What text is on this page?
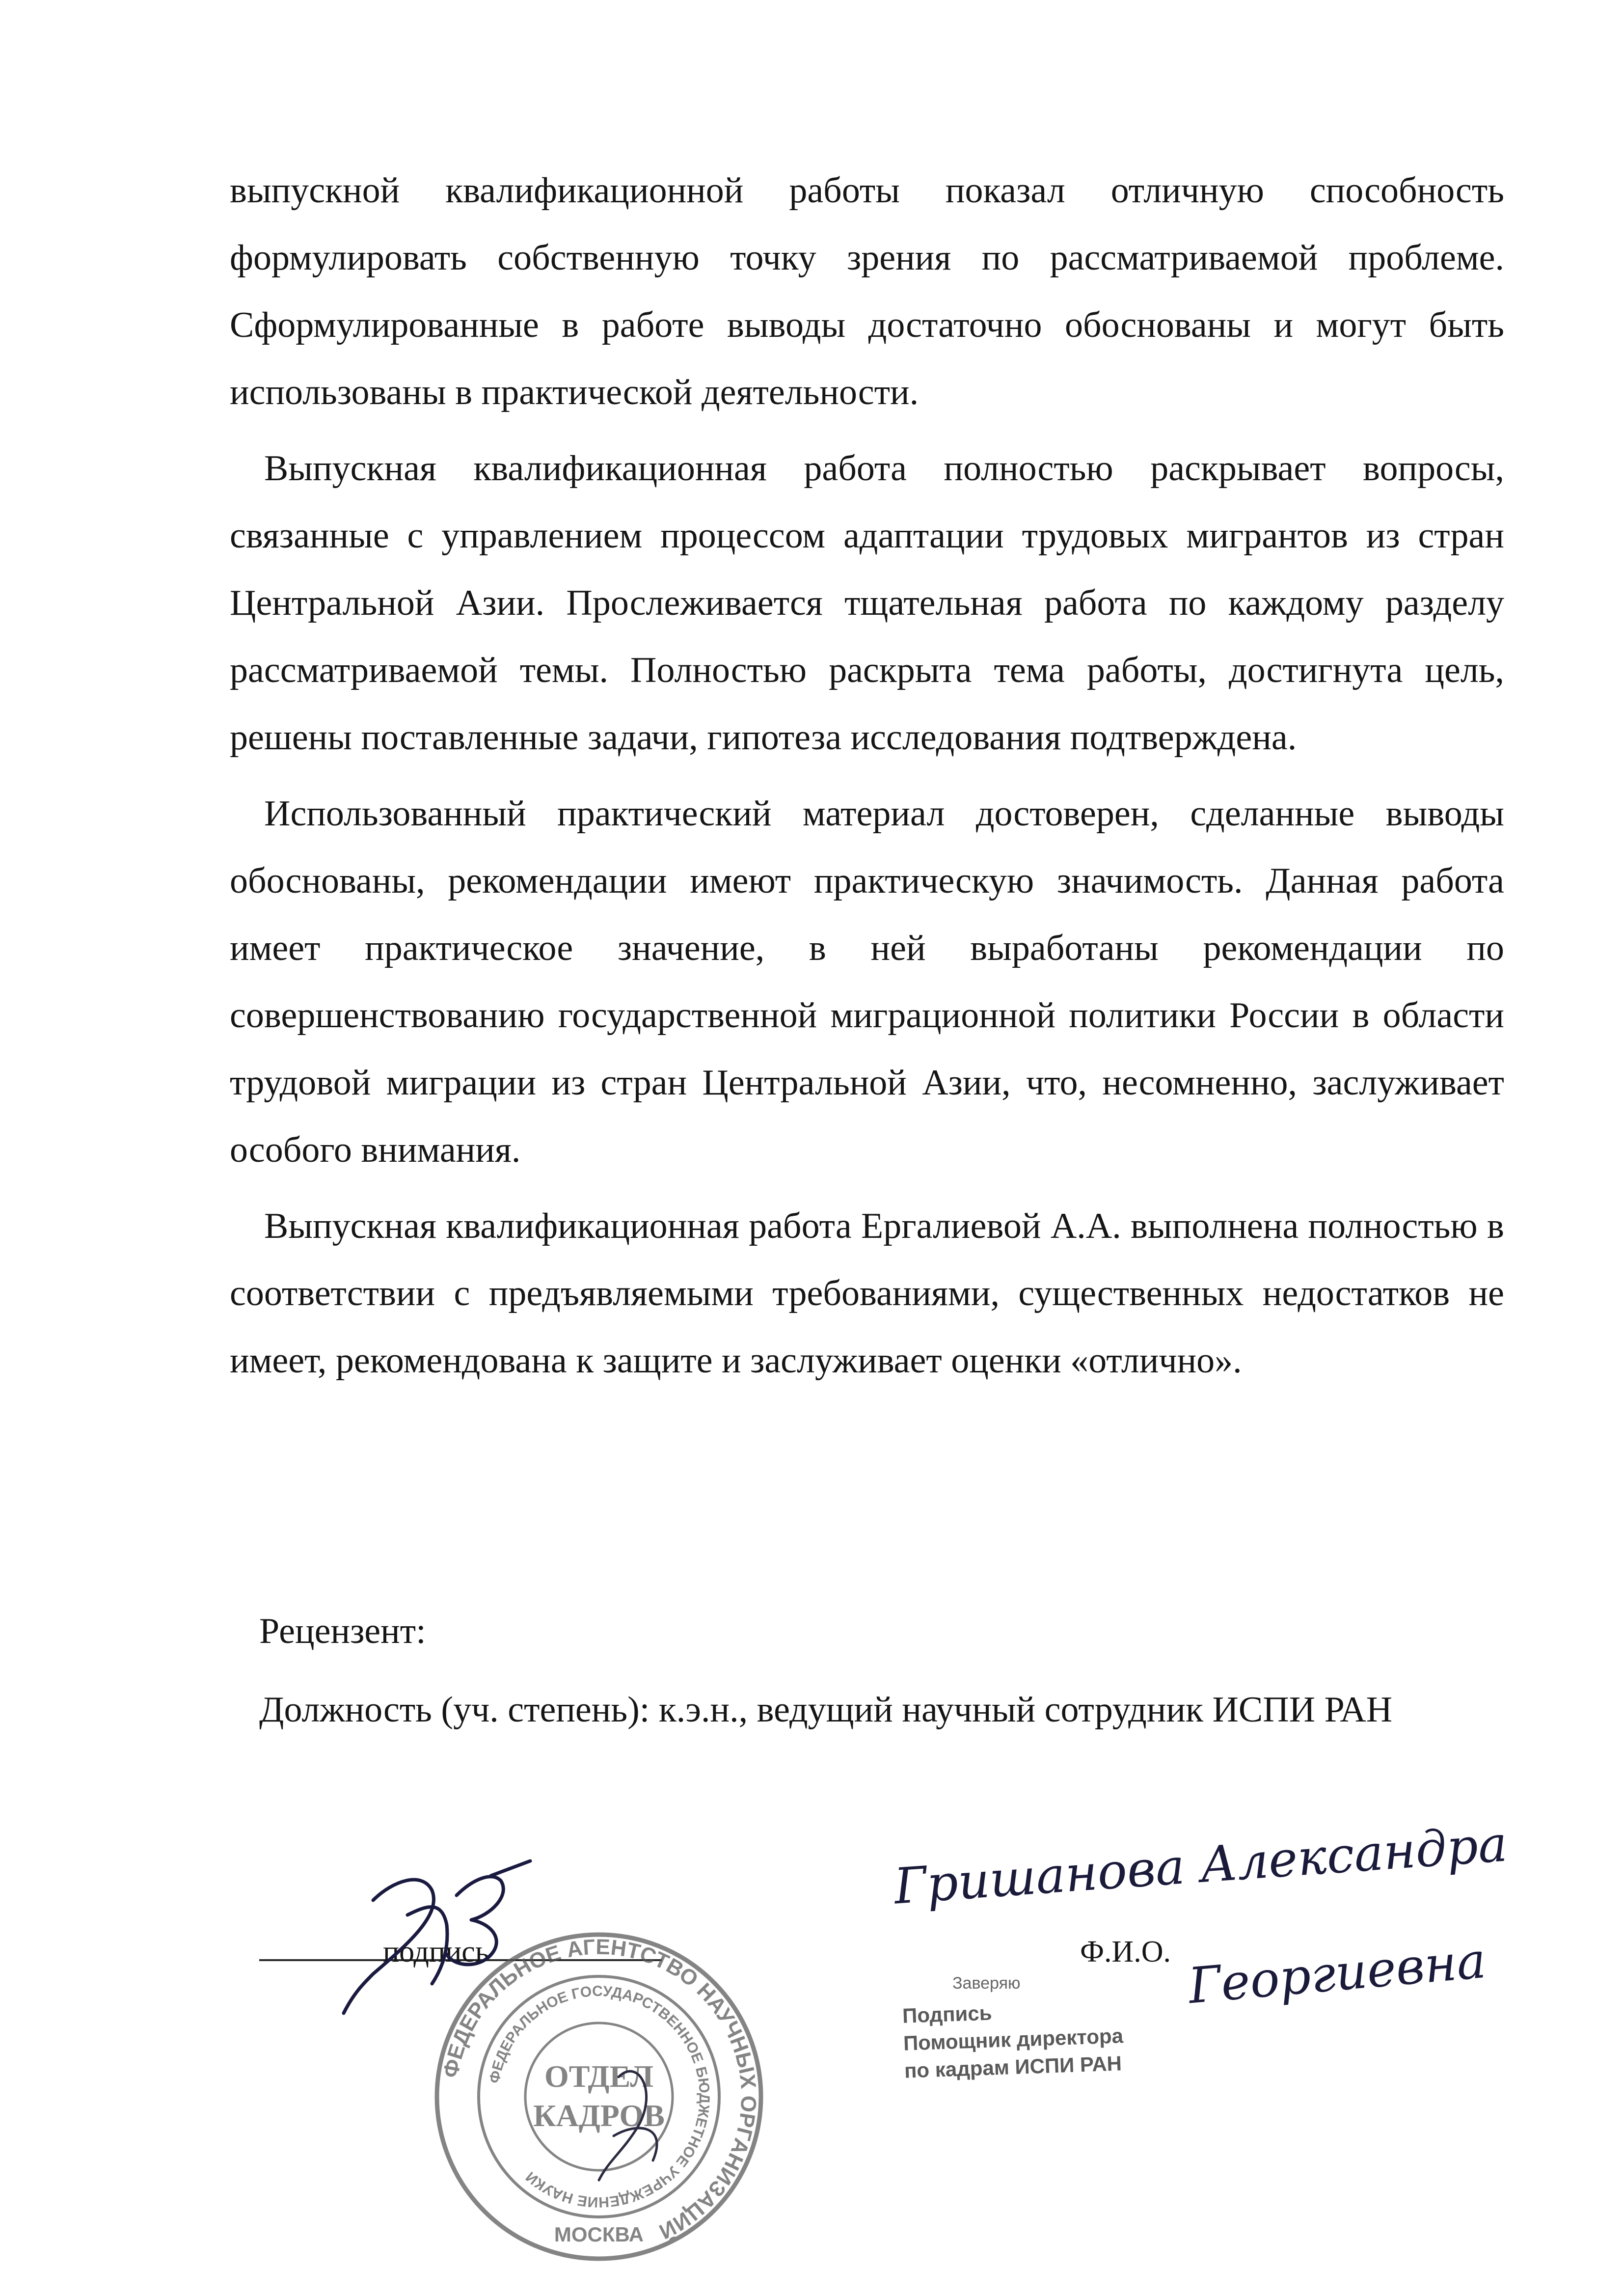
выпускной квалификационной работы показал отличную способность формулировать собственную точку зрения по рассматриваемой проблеме. Сформулированные в работе выводы достаточно обоснованы и могут быть использованы в практической деятельности.

Выпускная квалификационная работа полностью раскрывает вопросы, связанные с управлением процессом адаптации трудовых мигрантов из стран Центральной Азии. Прослеживается тщательная работа по каждому разделу рассматриваемой темы. Полностью раскрыта тема работы, достигнута цель, решены поставленные задачи, гипотеза исследования подтверждена.

Использованный практический материал достоверен, сделанные выводы обоснованы, рекомендации имеют практическую значимость. Данная работа имеет практическое значение, в ней выработаны рекомендации по совершенствованию государственной миграционной политики России в области трудовой миграции из стран Центральной Азии, что, несомненно, заслуживает особого внимания.

Выпускная квалификационная работа Ергалиевой А.А. выполнена полностью в соответствии с предъявляемыми требованиями, существенных недостатков не имеет, рекомендована к защите и заслуживает оценки «отлично».

Рецензент:
Должность (уч. степень): к.э.н., ведущий научный сотрудник ИСПИ РАН
подпись	Ф.И.О.
ФЕДЕРАЛЬНОЕ АГЕНТСТВО НАУЧНЫХ ОРГАНИЗАЦИЙ
ФЕДЕРАЛЬНОЕ ГОСУДАРСТВЕННОЕ БЮДЖЕТНОЕ УЧРЕЖДЕНИЕ НАУКИ
ОТДЕЛ
КАДРОВ
МОСКВА
Гришанова Александра
Георгиевна
Заверяю
Подпись
Помощник директора
по кадрам ИСПИ РАН
